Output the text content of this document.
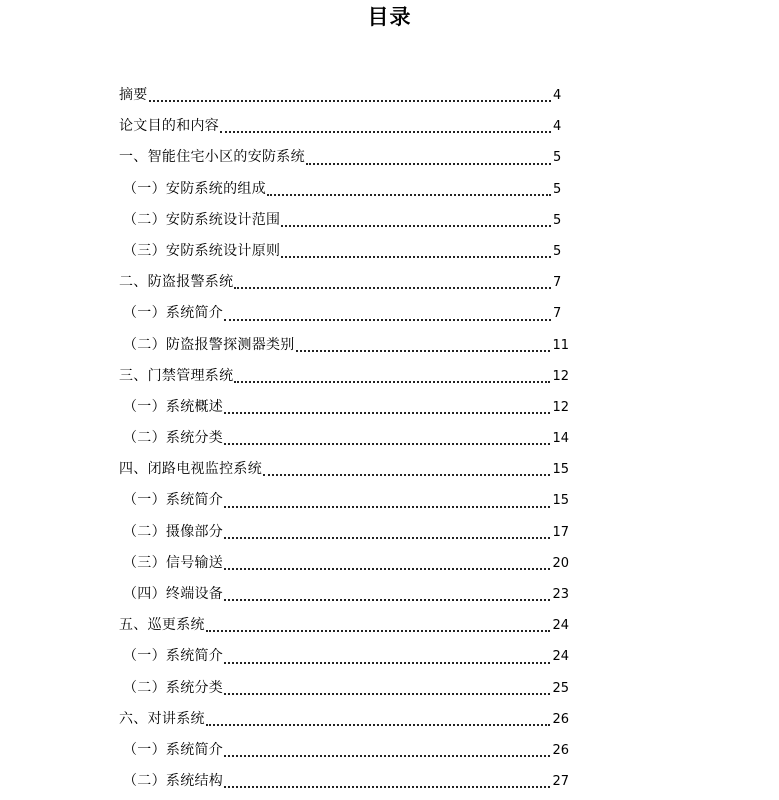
目录
摘要	4
论文目的和内容	4
一、智能住宅小区的安防系统	5
（一）安防系统的组成	5
（二）安防系统设计范围	5
（三）安防系统设计原则	5
二、防盗报警系统	7
（一）系统简介	7
（二）防盗报警探测器类别	11
三、门禁管理系统	12
（一）系统概述	12
（二）系统分类	14
四、闭路电视监控系统	15
（一）系统简介	15
（二）摄像部分	17
（三）信号输送	20
（四）终端设备	23
五、巡更系统	24
（一）系统简介	24
（二）系统分类	25
六、对讲系统	26
（一）系统简介	26
（二）系统结构	27
